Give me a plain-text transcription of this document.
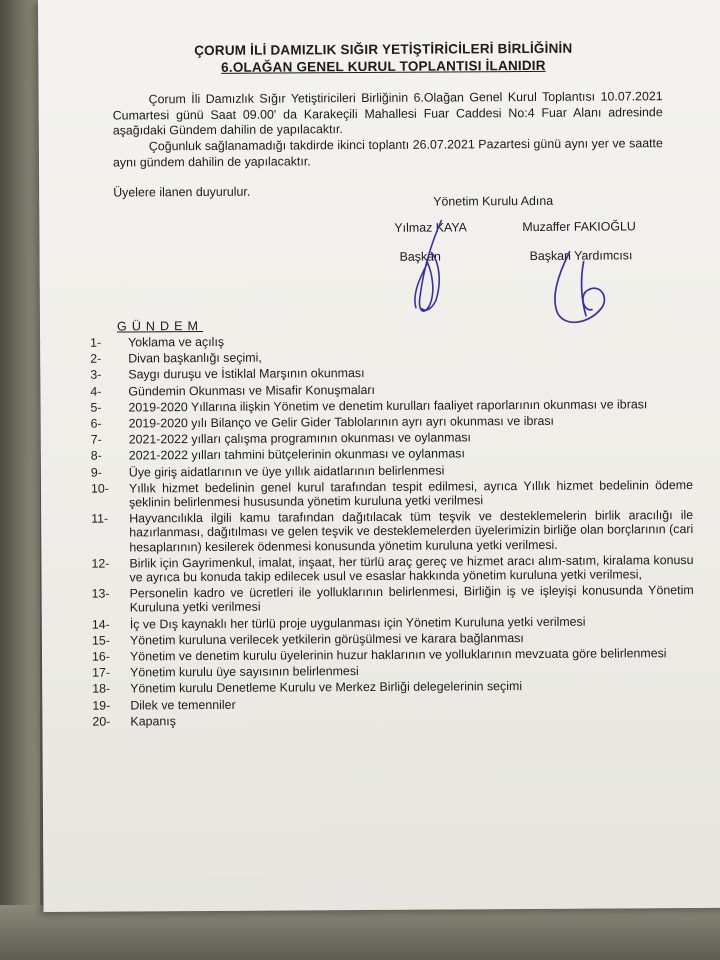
ÇORUM İLİ DAMIZLIK SIĞIR YETİŞTİRİCİLERİ BİRLİĞİNİN
6.OLAĞAN GENEL KURUL TOPLANTISI İLANIDIR

Çorum İli Damızlık Sığır Yetiştiricileri Birliğinin 6.Olağan Genel Kurul Toplantısı 10.07.2021 Cumartesi günü Saat 09.00' da Karakeçili Mahallesi Fuar Caddesi No:4 Fuar Alanı adresinde aşağıdaki Gündem dahilin de yapılacaktır.

Çoğunluk sağlanamadığı takdirde ikinci toplantı 26.07.2021 Pazartesi günü aynı yer ve saatte aynı gündem dahilin de yapılacaktır.

Üyelere ilanen duyurulur.

Yönetim Kurulu Adına

Yılmaz KAYA	Muzaffer FAKIOĞLU

Başkan	Başkan Yardımcısı

GÜNDEM

1-	Yoklama ve açılış
2-	Divan başkanlığı seçimi,
3-	Saygı duruşu ve İstiklal Marşının okunması
4-	Gündemin Okunması ve Misafir Konuşmaları
5-	2019-2020 Yıllarına ilişkin Yönetim ve denetim kurulları faaliyet raporlarının okunması ve ibrası
6-	2019-2020 yılı Bilanço ve Gelir Gider Tablolarının ayrı ayrı okunması ve ibrası
7-	2021-2022 yılları çalışma programının okunması ve oylanması
8-	2021-2022 yılları tahmini bütçelerinin okunması ve oylanması
9-	Üye giriş aidatlarının ve üye yıllık aidatlarının belirlenmesi
10-	Yıllık hizmet bedelinin genel kurul tarafından tespit edilmesi, ayrıca Yıllık hizmet bedelinin ödeme şeklinin belirlenmesi hususunda yönetim kuruluna yetki verilmesi
11-	Hayvancılıkla ilgili kamu tarafından dağıtılacak tüm teşvik ve desteklemelerin birlik aracılığı ile hazırlanması, dağıtılması ve gelen teşvik ve desteklemelerden üyelerimizin birliğe olan borçlarının (cari hesaplarının) kesilerek ödenmesi konusunda yönetim kuruluna yetki verilmesi.
12-	Birlik için Gayrimenkul, imalat, inşaat, her türlü araç gereç ve hizmet aracı alım-satım, kiralama konusu ve ayrıca bu konuda takip edilecek usul ve esaslar hakkında yönetim kuruluna yetki verilmesi,
13-	Personelin kadro ve ücretleri ile yolluklarının belirlenmesi, Birliğin iş ve işleyişi konusunda Yönetim Kuruluna yetki verilmesi
14-	İç ve Dış kaynaklı her türlü proje uygulanması için Yönetim Kuruluna yetki verilmesi
15-	Yönetim kuruluna verilecek yetkilerin görüşülmesi ve karara bağlanması
16-	Yönetim ve denetim kurulu üyelerinin huzur haklarının ve yolluklarının mevzuata göre belirlenmesi
17-	Yönetim kurulu üye sayısının belirlenmesi
18-	Yönetim kurulu Denetleme Kurulu ve Merkez Birliği delegelerinin seçimi
19-	Dilek ve temenniler
20-	Kapanış
